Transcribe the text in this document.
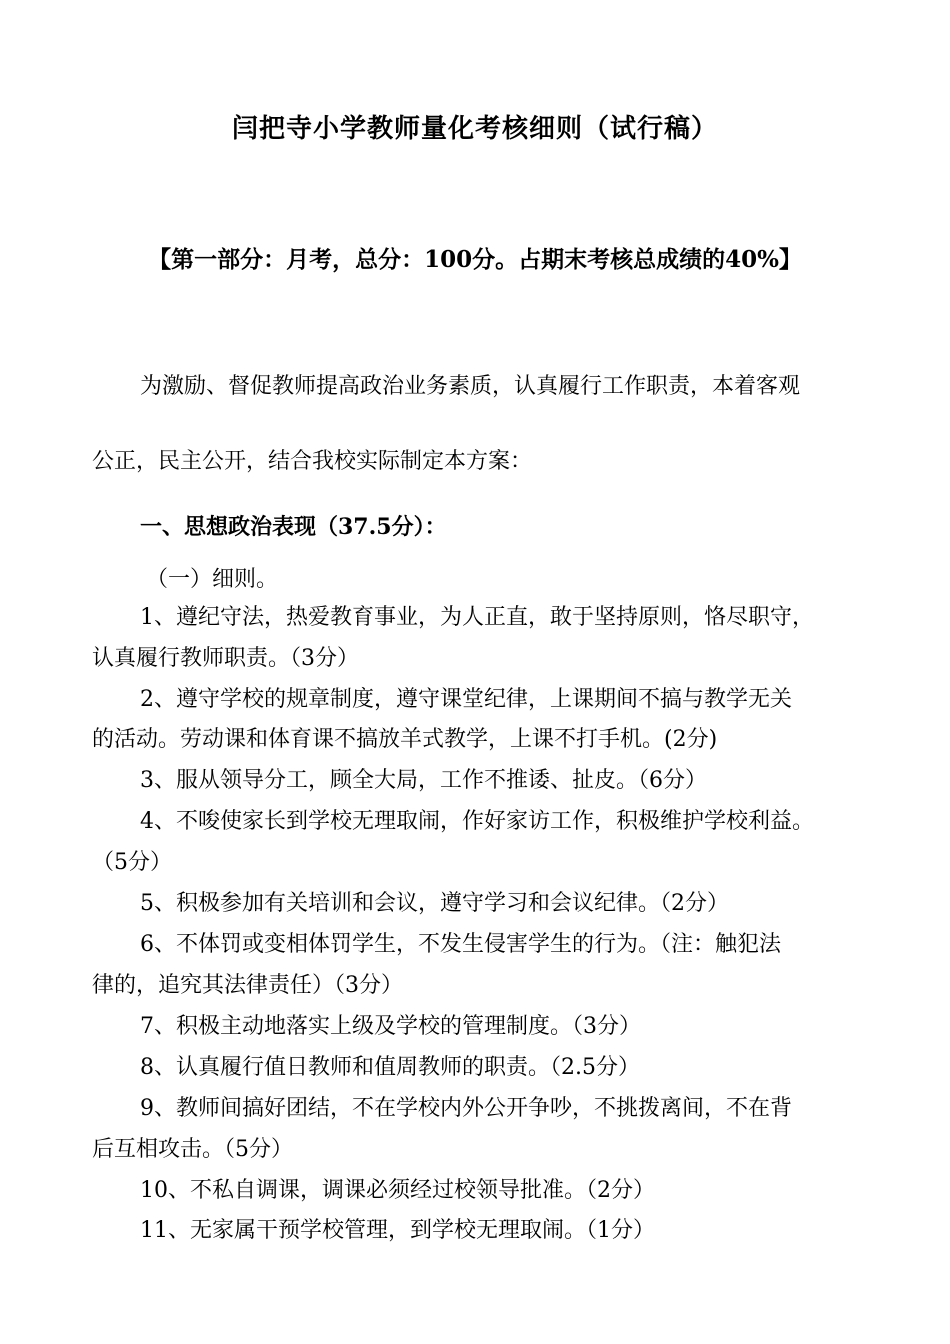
闫把寺小学教师量化考核细则（试行稿）
【第一部分：月考，总分：100分。占期末考核总成绩的40%】
为激励、督促教师提高政治业务素质，认真履行工作职责，本着客观
公正，民主公开，结合我校实际制定本方案：
一、思想政治表现（37.5分）：
（一）细则。
1、遵纪守法，热爱教育事业，为人正直，敢于坚持原则，恪尽职守，
认真履行教师职责。（3分）
2、遵守学校的规章制度，遵守课堂纪律，上课期间不搞与教学无关
的活动。劳动课和体育课不搞放羊式教学，上课不打手机。(2分)
3、服从领导分工，顾全大局，工作不推诿、扯皮。（6分）
4、不唆使家长到学校无理取闹，作好家访工作，积极维护学校利益。
（5分）
5、积极参加有关培训和会议，遵守学习和会议纪律。（2分）
6、不体罚或变相体罚学生，不发生侵害学生的行为。（注：触犯法
律的，追究其法律责任）（3分）
7、积极主动地落实上级及学校的管理制度。（3分）
8、认真履行值日教师和值周教师的职责。（2.5分）
9、教师间搞好团结，不在学校内外公开争吵，不挑拨离间，不在背
后互相攻击。（5分）
10、不私自调课，调课必须经过校领导批准。（2分）
11、无家属干预学校管理，到学校无理取闹。（1分）
